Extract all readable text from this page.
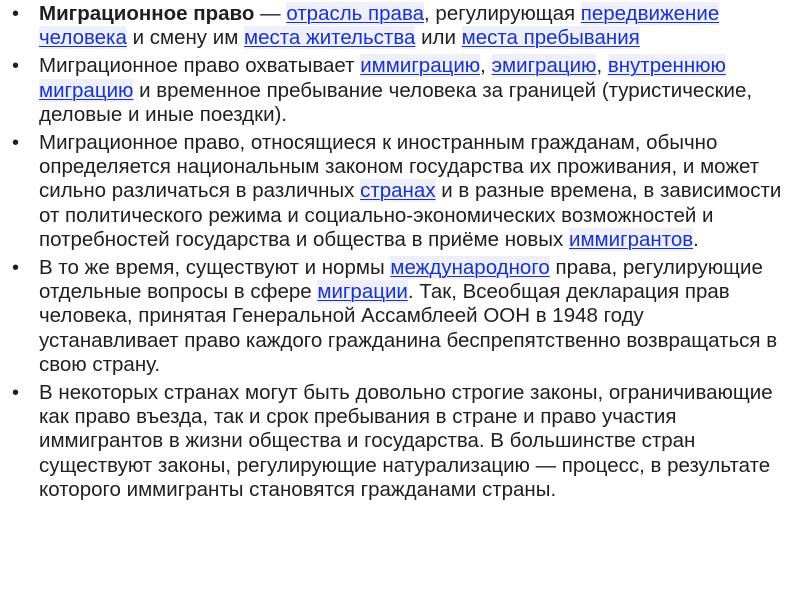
• Миграционное право — отрасль права, регулирующая передвижение человека и смену им места жительства или места пребывания
• Миграционное право охватывает иммиграцию, эмиграцию, внутреннюю миграцию и временное пребывание человека за границей (туристические, деловые и иные поездки).
• Миграционное право, относящиеся к иностранным гражданам, обычно определяется национальным законом государства их проживания, и может сильно различаться в различных странах и в разные времена, в зависимости от политического режима и социально-экономических возможностей и потребностей государства и общества в приёме новых иммигрантов.
• В то же время, существуют и нормы международного права, регулирующие отдельные вопросы в сфере миграции. Так, Всеобщая декларация прав человека, принятая Генеральной Ассамблеей ООН в 1948 году устанавливает право каждого гражданина беспрепятственно возвращаться в свою страну.
• В некоторых странах могут быть довольно строгие законы, ограничивающие как право въезда, так и срок пребывания в стране и право участия иммигрантов в жизни общества и государства. В большинстве стран существуют законы, регулирующие натурализацию — процесс, в результате которого иммигранты становятся гражданами страны.
